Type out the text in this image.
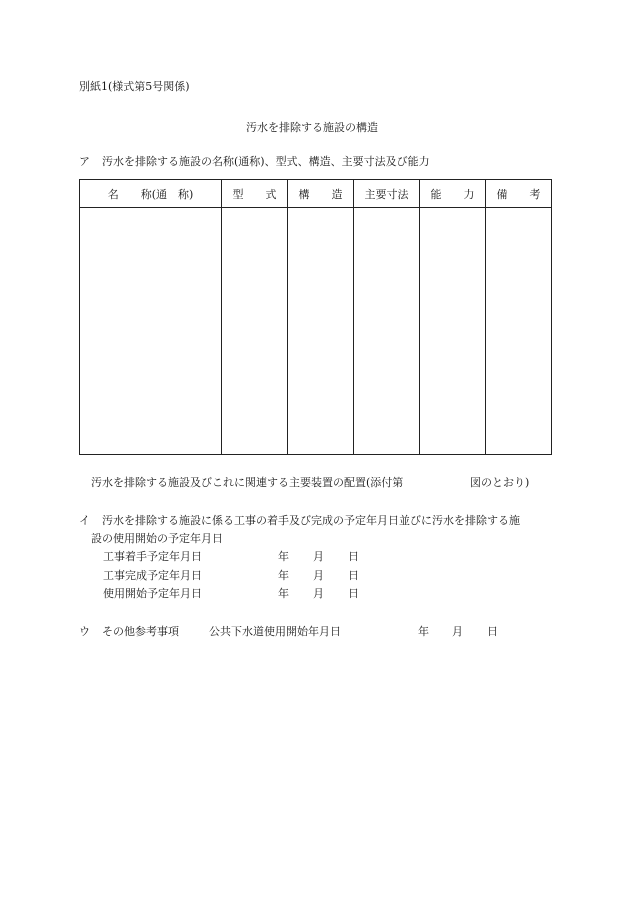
別紙1(様式第5号関係)
汚水を排除する施設の構造
ア 汚水を排除する施設の名称(通称)、型式、構造、主要寸法及び能力
名　　称(通　称)	型　　式	構　　造	主要寸法	能　　力	備　　考

汚水を排除する施設及びこれに関連する主要装置の配置(添付第	図のとおり)
イ 汚水を排除する施設に係る工事の着手及び完成の予定年月日並びに汚水を排除する施
設の使用開始の予定年月日
工事着手予定年月日	年 月 日
工事完成予定年月日	年 月 日
使用開始予定年月日	年 月 日
ウ その他参考事項	公共下水道使用開始年月日	年 月 日
